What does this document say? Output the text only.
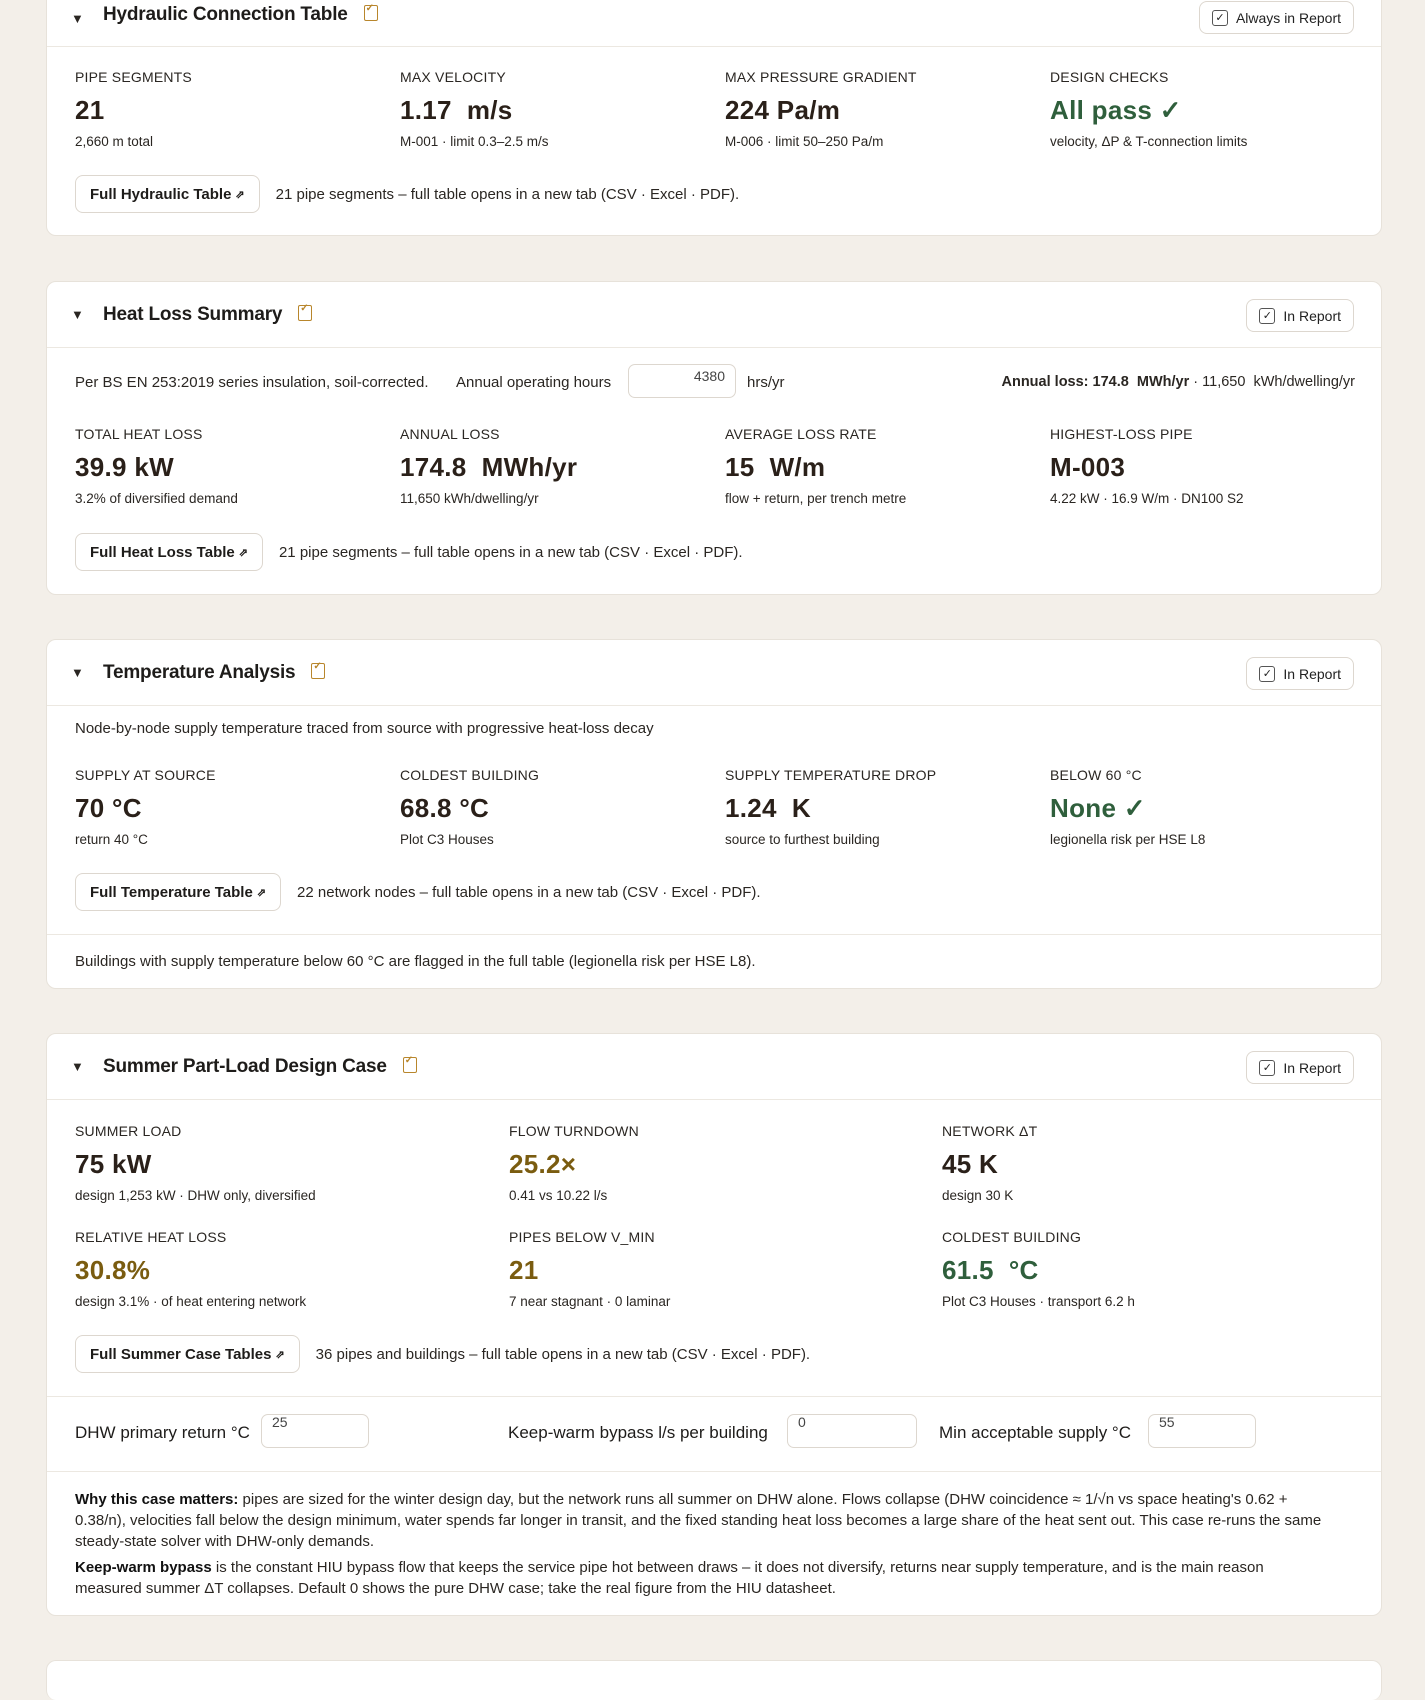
▼ Hydraulic Connection Table ✓	✓ Always in Report
PIPE SEGMENTS
21
2,660 m total
MAX VELOCITY
1.17  m/s
M-001 · limit 0.3–2.5 m/s
MAX PRESSURE GRADIENT
224 Pa/m
M-006 · limit 50–250 Pa/m
DESIGN CHECKS
All pass ✓
velocity, ΔP & T-connection limits
Full Hydraulic Table ⇗ 21 pipe segments – full table opens in a new tab (CSV · Excel · PDF).
▼ Heat Loss Summary ✓	✓ In Report
Per BS EN 253:2019 series insulation, soil-corrected. Annual operating hours	4380	hrs/yr	Annual loss: 174.8  MWh/yr · 11,650  kWh/dwelling/yr
TOTAL HEAT LOSS
39.9 kW
3.2% of diversified demand
ANNUAL LOSS
174.8  MWh/yr
11,650 kWh/dwelling/yr
AVERAGE LOSS RATE
15  W/m
flow + return, per trench metre
HIGHEST-LOSS PIPE
M-003
4.22 kW · 16.9 W/m · DN100 S2
Full Heat Loss Table ⇗ 21 pipe segments – full table opens in a new tab (CSV · Excel · PDF).
▼ Temperature Analysis ✓	✓ In Report
Node-by-node supply temperature traced from source with progressive heat-loss decay
SUPPLY AT SOURCE
70 °C
return 40 °C
COLDEST BUILDING
68.8 °C
Plot C3 Houses
SUPPLY TEMPERATURE DROP
1.24  K
source to furthest building
BELOW 60 °C
None ✓
legionella risk per HSE L8
Full Temperature Table ⇗ 22 network nodes – full table opens in a new tab (CSV · Excel · PDF).
Buildings with supply temperature below 60 °C are flagged in the full table (legionella risk per HSE L8).
▼ Summer Part-Load Design Case ✓	✓ In Report
SUMMER LOAD
75 kW
design 1,253 kW · DHW only, diversified
FLOW TURNDOWN
25.2×
0.41 vs 10.22 l/s
NETWORK ΔT
45 K
design 30 K
RELATIVE HEAT LOSS
30.8%
design 3.1% · of heat entering network
PIPES BELOW V_MIN
21
7 near stagnant · 0 laminar
COLDEST BUILDING
61.5  °C
Plot C3 Houses · transport 6.2 h
Full Summer Case Tables ⇗ 36 pipes and buildings – full table opens in a new tab (CSV · Excel · PDF).
DHW primary return °C
25
Keep-warm bypass l/s per building
0
Min acceptable supply °C
55
Why this case matters: pipes are sized for the winter design day, but the network runs all summer on DHW alone. Flows collapse (DHW coincidence ≈ 1/√n vs space heating's 0.62 + 0.38/n), velocities fall below the design minimum, water spends far longer in transit, and the fixed standing heat loss becomes a large share of the heat sent out. This case re-runs the same steady-state solver with DHW-only demands.
Keep-warm bypass is the constant HIU bypass flow that keeps the service pipe hot between draws – it does not diversify, returns near supply temperature, and is the main reason measured summer ΔT collapses. Default 0 shows the pure DHW case; take the real figure from the HIU datasheet.
